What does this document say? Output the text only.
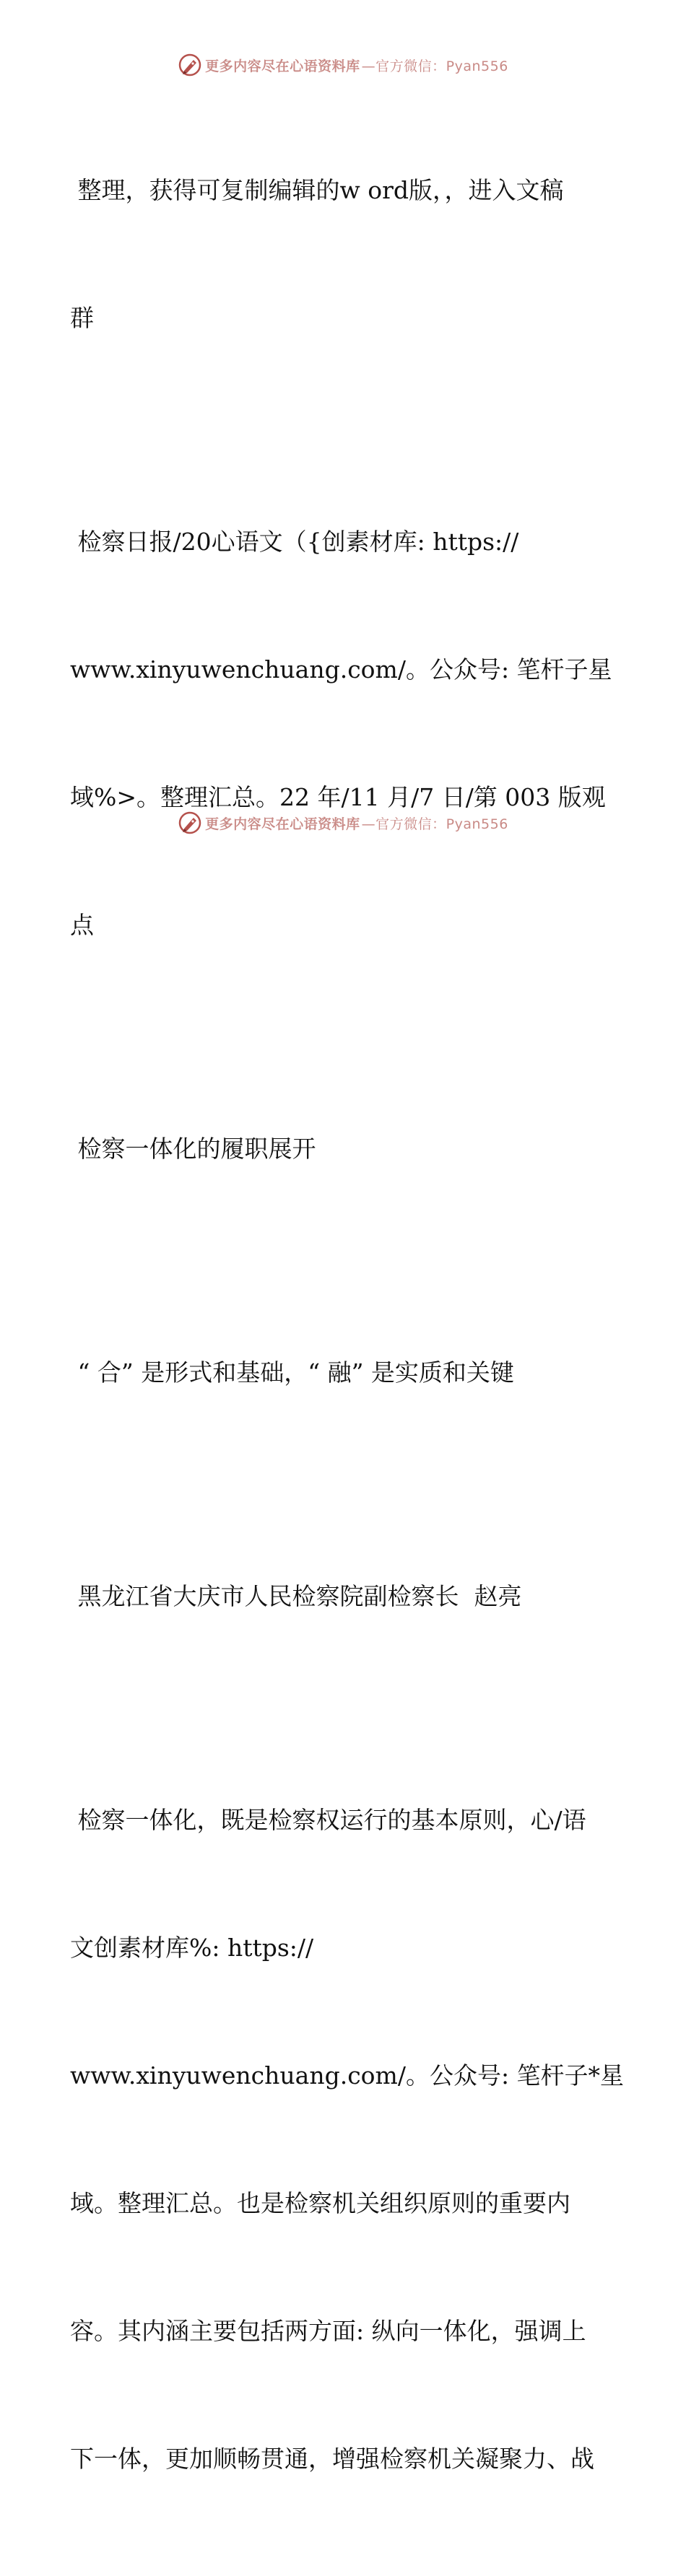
更多内容尽在心语资料库 —官方微信：Pyan556

整理，获得可复制编辑的w ord版，，进入文稿

群

检察日报/20心语文（{创素材库: https://

www.xinyuwenchuang.com/。公众号: 笔杆子星

域%>。整理汇总。22 年/11 月/7 日/第 003 版观

点

检察一体化的履职展开

“ 合” 是形式和基础，“ 融” 是实质和关键

黑龙江省大庆市人民检察院副检察长  赵亮

检察一体化，既是检察权运行的基本原则，心/语

文创素材库%: https://

www.xinyuwenchuang.com/。公众号: 笔杆子*星

域。整理汇总。也是检察机关组织原则的重要内

容。其内涵主要包括两方面: 纵向一体化，强调上

下一体，更加顺畅贯通，增强检察机关凝聚力、战

更多内容尽在心语资料库 —官方微信：Pyan556
